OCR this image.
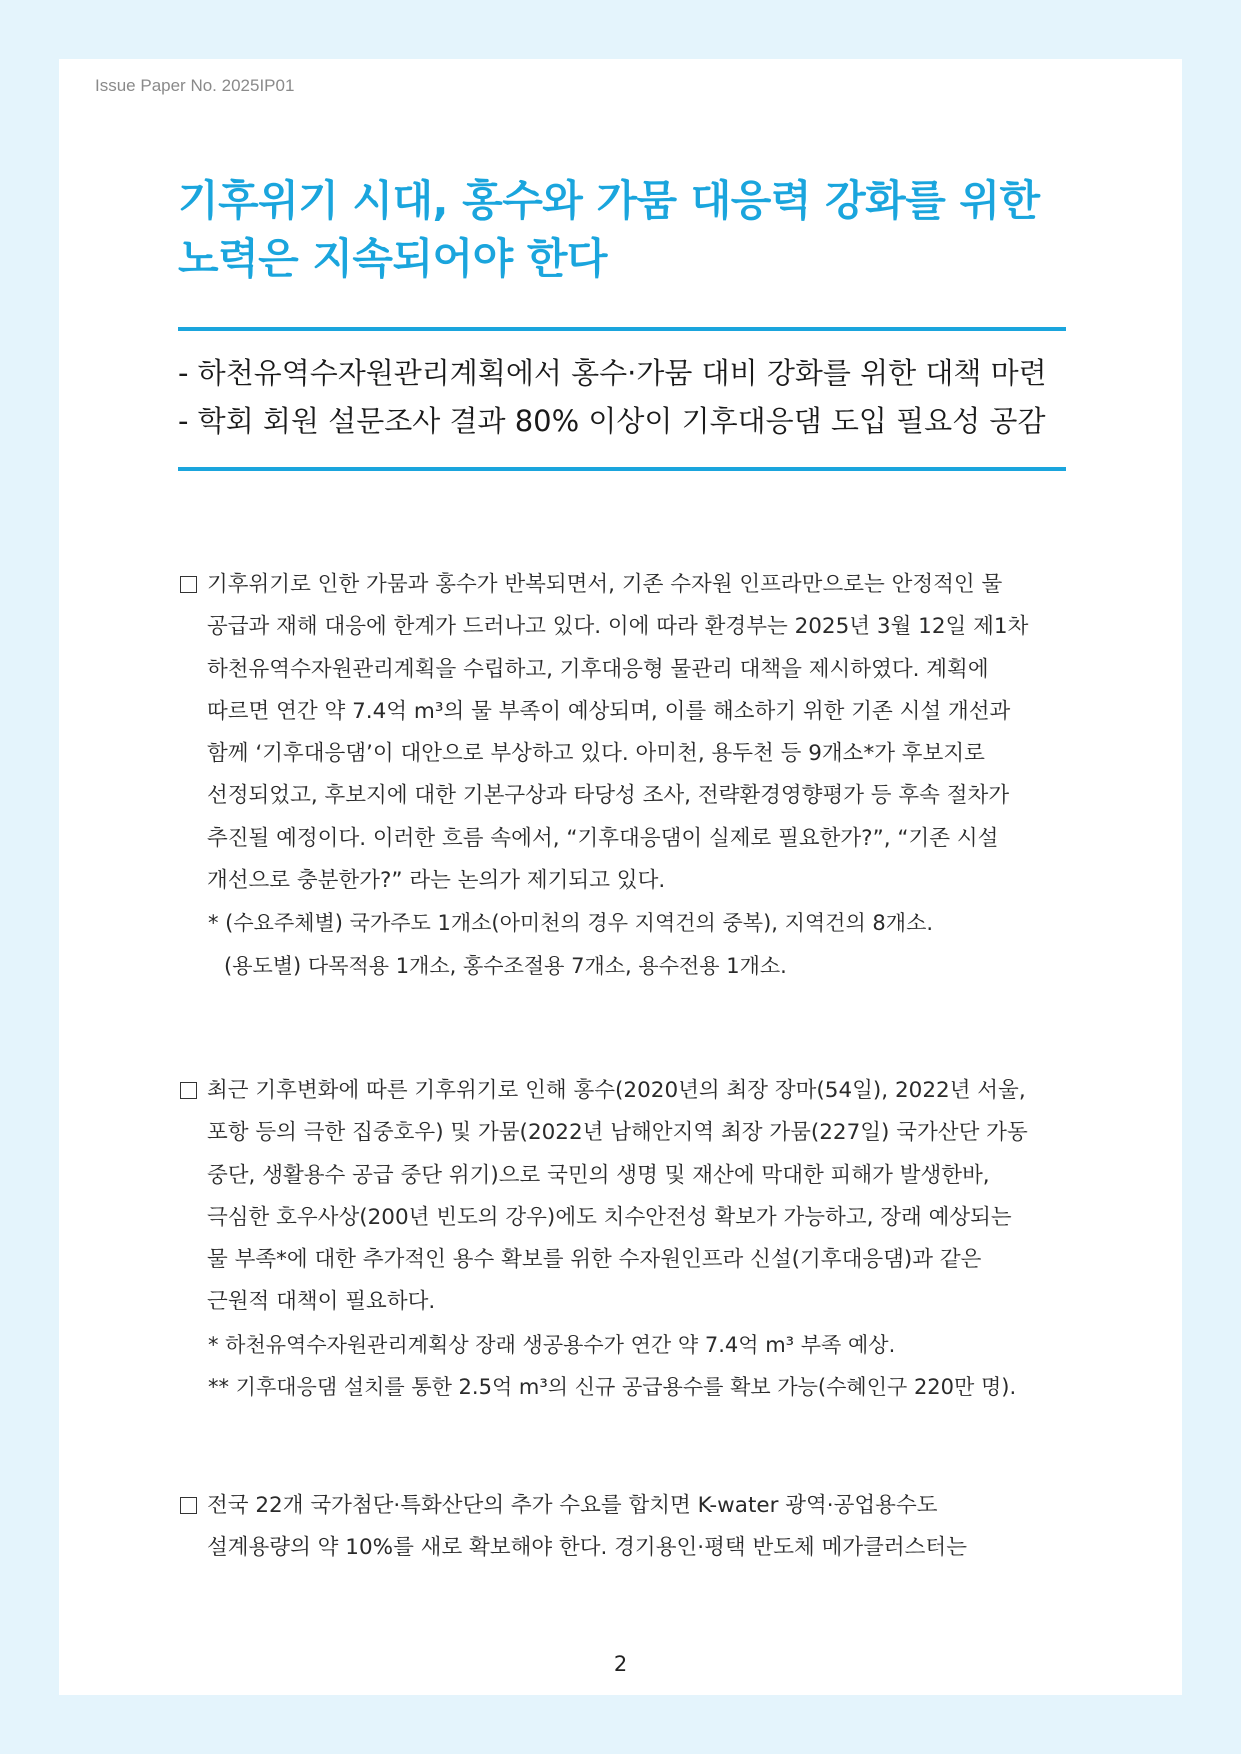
Issue Paper No. 2025IP01
기후위기 시대, 홍수와 가뭄 대응력 강화를 위한
노력은 지속되어야 한다
- 하천유역수자원관리계획에서 홍수·가뭄 대비 강화를 위한 대책 마련
- 학회 회원 설문조사 결과 80% 이상이 기후대응댐 도입 필요성 공감
기후위기로 인한 가뭄과 홍수가 반복되면서, 기존 수자원 인프라만으로는 안정적인 물
공급과 재해 대응에 한계가 드러나고 있다. 이에 따라 환경부는 2025년 3월 12일 제1차
하천유역수자원관리계획을 수립하고, 기후대응형 물관리 대책을 제시하였다. 계획에
따르면 연간 약 7.4억 m³의 물 부족이 예상되며, 이를 해소하기 위한 기존 시설 개선과
함께 ‘기후대응댐’이 대안으로 부상하고 있다. 아미천, 용두천 등 9개소*가 후보지로
선정되었고, 후보지에 대한 기본구상과 타당성 조사, 전략환경영향평가 등 후속 절차가
추진될 예정이다. 이러한 흐름 속에서, “기후대응댐이 실제로 필요한가?”, “기존 시설
개선으로 충분한가?” 라는 논의가 제기되고 있다.
* (수요주체별) 국가주도 1개소(아미천의 경우 지역건의 중복), 지역건의 8개소.
(용도별) 다목적용 1개소, 홍수조절용 7개소, 용수전용 1개소.
최근 기후변화에 따른 기후위기로 인해 홍수(2020년의 최장 장마(54일), 2022년 서울,
포항 등의 극한 집중호우) 및 가뭄(2022년 남해안지역 최장 가뭄(227일) 국가산단 가동
중단, 생활용수 공급 중단 위기)으로 국민의 생명 및 재산에 막대한 피해가 발생한바,
극심한 호우사상(200년 빈도의 강우)에도 치수안전성 확보가 가능하고, 장래 예상되는
물 부족*에 대한 추가적인 용수 확보를 위한 수자원인프라 신설(기후대응댐)과 같은
근원적 대책이 필요하다.
* 하천유역수자원관리계획상 장래 생공용수가 연간 약 7.4억 m³ 부족 예상.
** 기후대응댐 설치를 통한 2.5억 m³의 신규 공급용수를 확보 가능(수혜인구 220만 명).
전국 22개 국가첨단·특화산단의 추가 수요를 합치면 K-water 광역·공업용수도
설계용량의 약 10%를 새로 확보해야 한다. 경기용인·평택 반도체 메가클러스터는
2
